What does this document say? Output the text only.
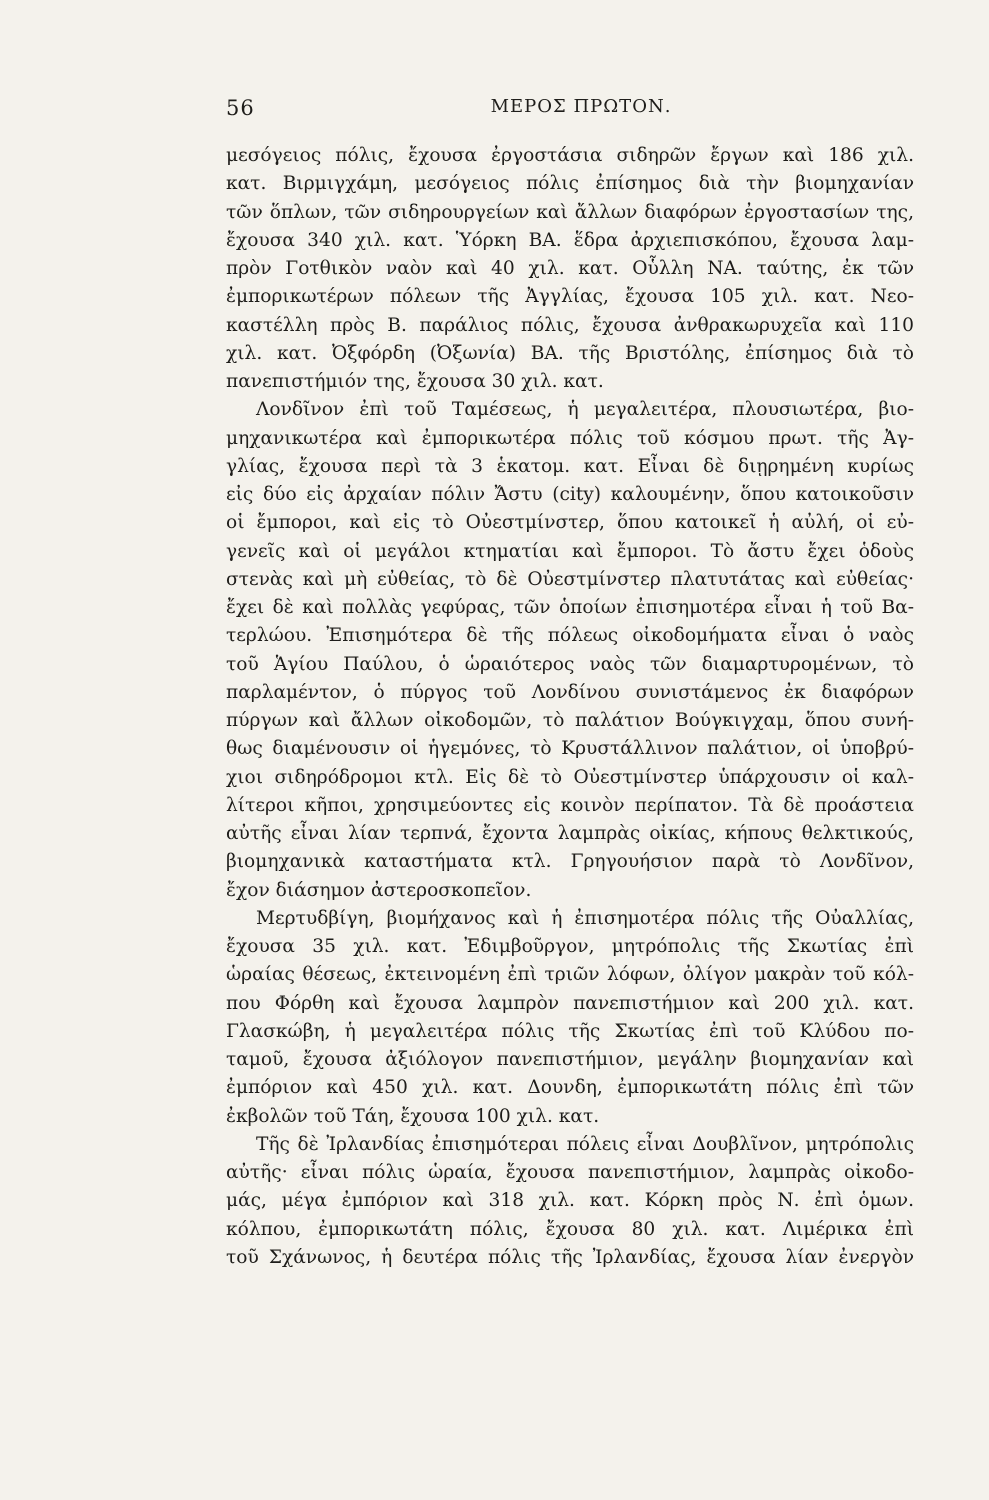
56	ΜΕΡΟΣ ΠΡΩΤΟΝ.
μεσόγειος πόλις, ἔχουσα ἐργοστάσια σιδηρῶν ἔργων καὶ 186 χιλ.
κατ. Βιρμιγχάμη, μεσόγειος πόλις ἐπίσημος διὰ τὴν βιομηχανίαν
τῶν ὅπλων, τῶν σιδηρουργείων καὶ ἄλλων διαφόρων ἐργοστασίων της,
ἔχουσα 340 χιλ. κατ. Ὑόρκη ΒΑ. ἕδρα ἀρχιεπισκόπου, ἔχουσα λαμ-
πρὸν Γοτθικὸν ναὸν καὶ 40 χιλ. κατ. Οὗλλη ΝΑ. ταύτης, ἐκ τῶν
ἐμπορικωτέρων πόλεων τῆς Ἀγγλίας, ἔχουσα 105 χιλ. κατ. Νεο-
καστέλλη πρὸς Β. παράλιος πόλις, ἔχουσα ἀνθρακωρυχεῖα καὶ 110
χιλ. κατ. Ὀξφόρδη (Ὀξωνία) ΒΑ. τῆς Βριστόλης, ἐπίσημος διὰ τὸ
πανεπιστήμιόν της, ἔχουσα 30 χιλ. κατ.
Λονδῖνον ἐπὶ τοῦ Ταμέσεως, ἡ μεγαλειτέρα, πλουσιωτέρα, βιο-
μηχανικωτέρα καὶ ἐμπορικωτέρα πόλις τοῦ κόσμου πρωτ. τῆς Ἀγ-
γλίας, ἔχουσα περὶ τὰ 3 ἑκατομ. κατ. Εἶναι δὲ διῃρημένη κυρίως
εἰς δύο εἰς ἀρχαίαν πόλιν Ἄστυ (city) καλουμένην, ὅπου κατοικοῦσιν
οἱ ἔμποροι, καὶ εἰς τὸ Οὐεστμίνστερ, ὅπου κατοικεῖ ἡ αὐλή, οἱ εὐ-
γενεῖς καὶ οἱ μεγάλοι κτηματίαι καὶ ἔμποροι. Τὸ ἄστυ ἔχει ὁδοὺς
στενὰς καὶ μὴ εὐθείας, τὸ δὲ Οὐεστμίνστερ πλατυτάτας καὶ εὐθείας·
ἔχει δὲ καὶ πολλὰς γεφύρας, τῶν ὁποίων ἐπισημοτέρα εἶναι ἡ τοῦ Βα-
τερλώου. Ἐπισημότερα δὲ τῆς πόλεως οἰκοδομήματα εἶναι ὁ ναὸς
τοῦ Ἁγίου Παύλου, ὁ ὡραιότερος ναὸς τῶν διαμαρτυρομένων, τὸ
παρλαμέντον, ὁ πύργος τοῦ Λονδίνου συνιστάμενος ἐκ διαφόρων
πύργων καὶ ἄλλων οἰκοδομῶν, τὸ παλάτιον Βούγκιγχαμ, ὅπου συνή-
θως διαμένουσιν οἱ ἡγεμόνες, τὸ Κρυστάλλινον παλάτιον, οἱ ὑποβρύ-
χιοι σιδηρόδρομοι κτλ. Εἰς δὲ τὸ Οὐεστμίνστερ ὑπάρχουσιν οἱ καλ-
λίτεροι κῆποι, χρησιμεύοντες εἰς κοινὸν περίπατον. Τὰ δὲ προάστεια
αὐτῆς εἶναι λίαν τερπνά, ἔχοντα λαμπρὰς οἰκίας, κήπους θελκτικούς,
βιομηχανικὰ καταστήματα κτλ. Γρηγουήσιον παρὰ τὸ Λονδῖνον,
ἔχον διάσημον ἀστεροσκοπεῖον.
Μερτυδβίγη, βιομήχανος καὶ ἡ ἐπισημοτέρα πόλις τῆς Οὐαλλίας,
ἔχουσα 35 χιλ. κατ. Ἐδιμβοῦργον, μητρόπολις τῆς Σκωτίας ἐπὶ
ὡραίας θέσεως, ἐκτεινομένη ἐπὶ τριῶν λόφων, ὀλίγον μακρὰν τοῦ κόλ-
που Φόρθη καὶ ἔχουσα λαμπρὸν πανεπιστήμιον καὶ 200 χιλ. κατ.
Γλασκώβη, ἡ μεγαλειτέρα πόλις τῆς Σκωτίας ἐπὶ τοῦ Κλύδου πο-
ταμοῦ, ἔχουσα ἀξιόλογον πανεπιστήμιον, μεγάλην βιομηχανίαν καὶ
ἐμπόριον καὶ 450 χιλ. κατ. Δουνδη, ἐμπορικωτάτη πόλις ἐπὶ τῶν
ἐκβολῶν τοῦ Τάη, ἔχουσα 100 χιλ. κατ.
Τῆς δὲ Ἰρλανδίας ἐπισημότεραι πόλεις εἶναι Δουβλῖνον, μητρόπολις
αὐτῆς· εἶναι πόλις ὡραία, ἔχουσα πανεπιστήμιον, λαμπρὰς οἰκοδο-
μάς, μέγα ἐμπόριον καὶ 318 χιλ. κατ. Κόρκη πρὸς Ν. ἐπὶ ὁμων.
κόλπου, ἐμπορικωτάτη πόλις, ἔχουσα 80 χιλ. κατ. Λιμέρικα ἐπὶ
τοῦ Σχάνωνος, ἡ δευτέρα πόλις τῆς Ἰρλανδίας, ἔχουσα λίαν ἐνεργὸν
